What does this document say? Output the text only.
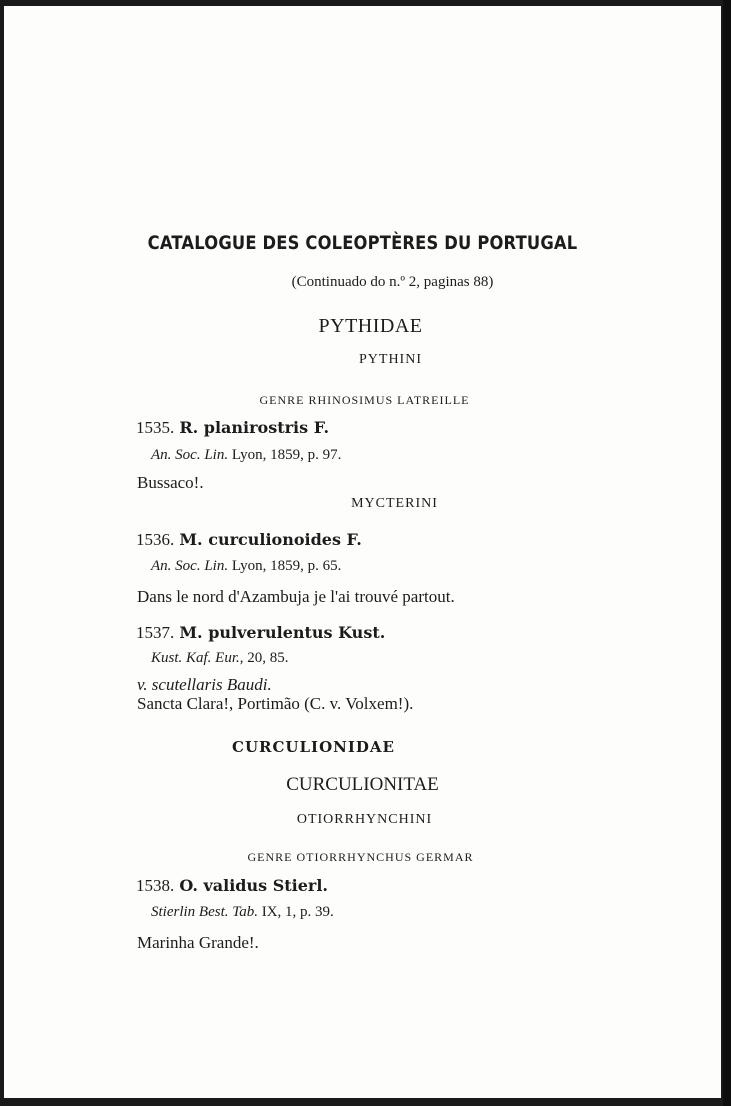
CATALOGUE DES COLEOPTÈRES DU PORTUGAL
(Continuado do n.º 2, paginas 88)
PYTHIDAE
PYTHINI
GENRE RHINOSIMUS LATREILLE
1535. R. planirostris F.
An. Soc. Lin. Lyon, 1859, p. 97.
Bussaco!.
MYCTERINI
1536. M. curculionoides F.
An. Soc. Lin. Lyon, 1859, p. 65.
Dans le nord d'Azambuja je l'ai trouvé partout.
1537. M. pulverulentus Kust.
Kust. Kaf. Eur., 20, 85.
v. scutellaris Baudi.
Sancta Clara!, Portimão (C. v. Volxem!).
CURCULIONIDAE
CURCULIONITAE
OTIORRHYNCHINI
GENRE OTIORRHYNCHUS GERMAR
1538. O. validus Stierl.
Stierlin Best. Tab. IX, 1, p. 39.
Marinha Grande!.
